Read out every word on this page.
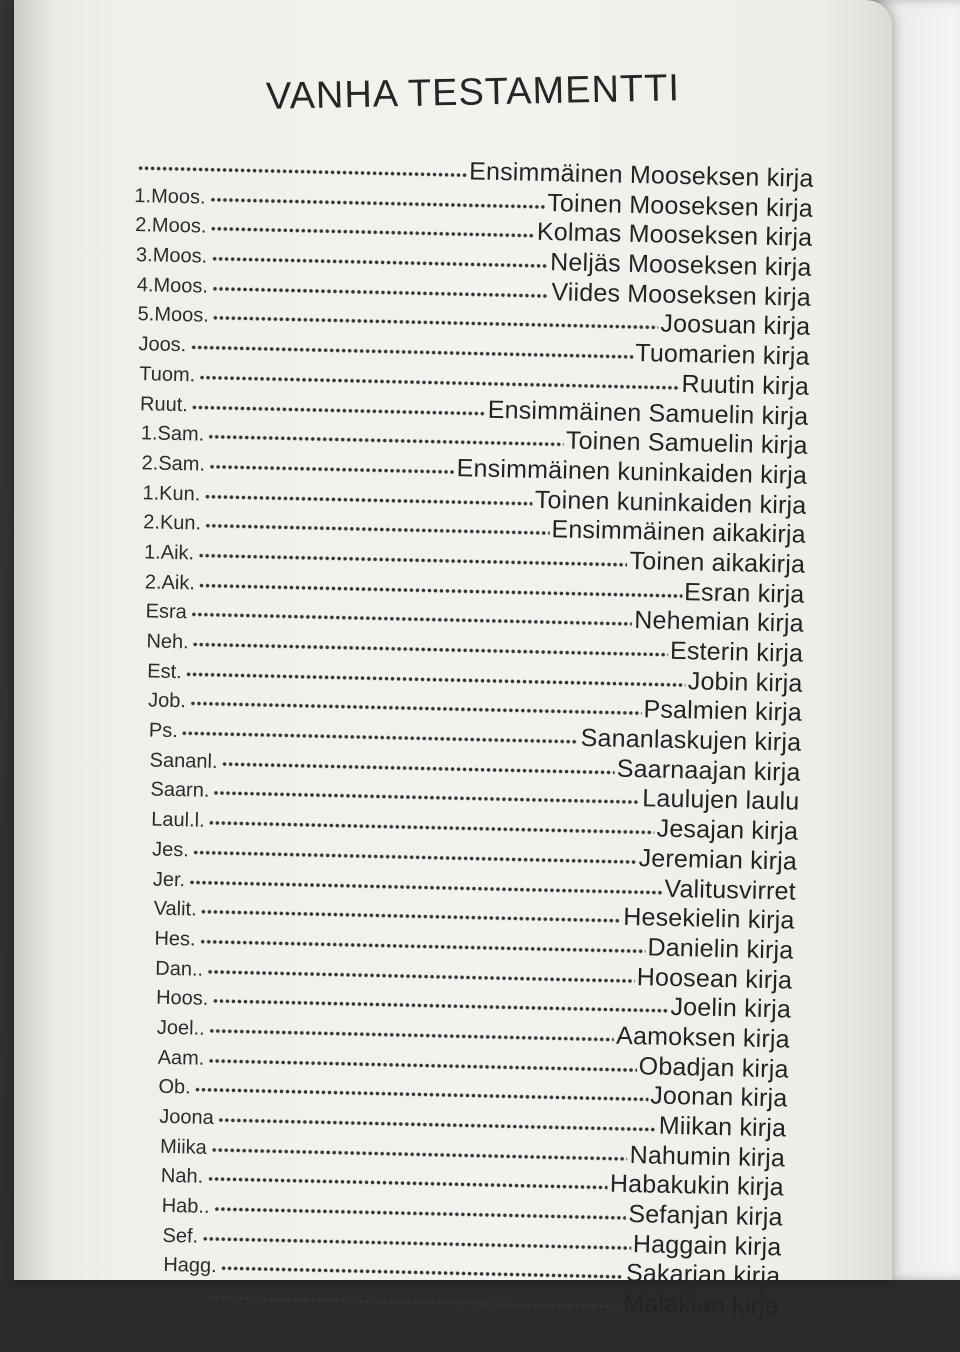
VANHA TESTAMENTTI
Ensimmäinen Mooseksen kirja
1.Moos.	Toinen Mooseksen kirja
2.Moos.	Kolmas Mooseksen kirja
3.Moos.	Neljäs Mooseksen kirja
4.Moos.	Viides Mooseksen kirja
5.Moos.	Joosuan kirja
Joos.	Tuomarien kirja
Tuom.	Ruutin kirja
Ruut.	Ensimmäinen Samuelin kirja
1.Sam.	Toinen Samuelin kirja
2.Sam.	Ensimmäinen kuninkaiden kirja
1.Kun.	Toinen kuninkaiden kirja
2.Kun.	Ensimmäinen aikakirja
1.Aik.	Toinen aikakirja
2.Aik.	Esran kirja
Esra	Nehemian kirja
Neh.	Esterin kirja
Est.	Jobin kirja
Job.	Psalmien kirja
Ps.	Sananlaskujen kirja
Sananl.	Saarnaajan kirja
Saarn.	Laulujen laulu
Laul.l.	Jesajan kirja
Jes.	Jeremian kirja
Jer.	Valitusvirret
Valit.	Hesekielin kirja
Hes.	Danielin kirja
Dan..	Hoosean kirja
Hoos.	Joelin kirja
Joel..	Aamoksen kirja
Aam.	Obadjan kirja
Ob.	Joonan kirja
Joona	Miikan kirja
Miika	Nahumin kirja
Nah.	Habakukin kirja
Hab..	Sefanjan kirja
Sef.	Haggain kirja
Hagg.	Sakarjan kirja
Sak.	Malakian kirja
Mal.
